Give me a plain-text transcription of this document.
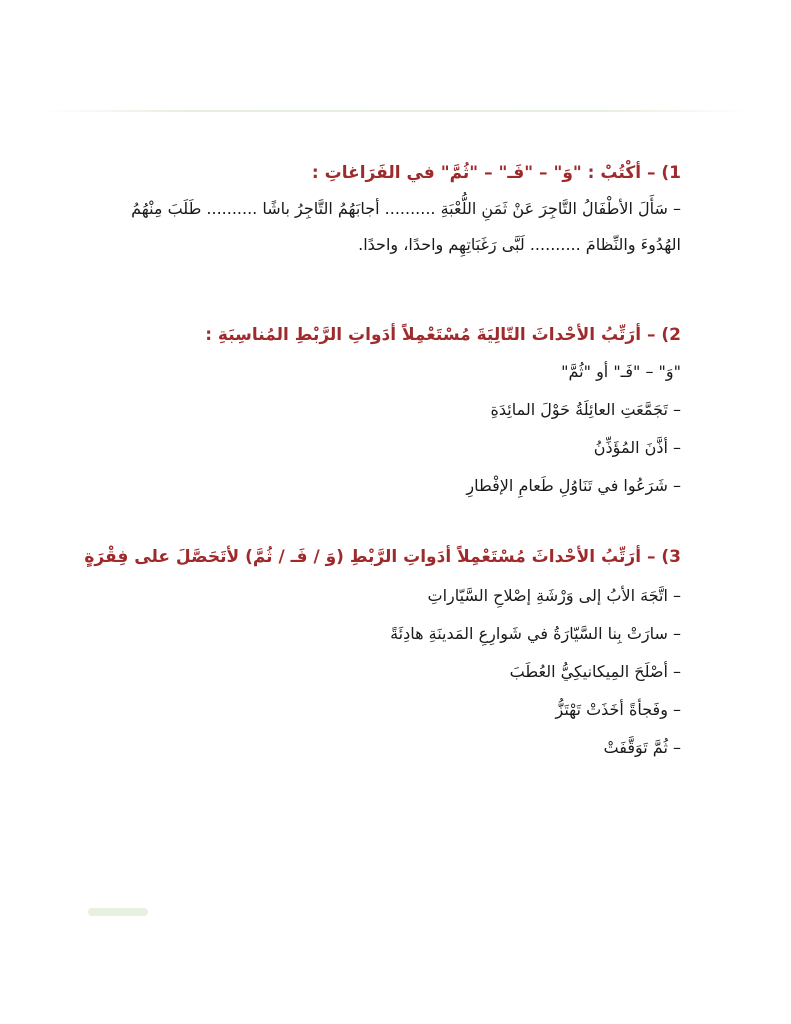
1) – أكْتُبْ : "وَ" – "فَـ" – "ثُمَّ" في الفَرَاغاتِ :
– سَأَلَ الأطْفَالُ التَّاجِرَ عَنْ ثَمَنِ اللُّعْبَةِ .......... أجابَهُمُ التَّاجِرُ باشًا .......... طَلَبَ مِنْهُمُ
الهُدُوءَ والنِّظامَ .......... لَبَّى رَغَبَاتِهِم واحدًا، واحدًا.
2) – أرَتِّبُ الأحْداثَ التّالِيَةَ مُسْتَعْمِلاً أدَواتِ الرَّبْطِ المُناسِبَةِ :
"وَ" – "فَـ" أو "ثُمَّ"
– تَجَمَّعَتِ العائِلَةُ حَوْلَ المائِدَةِ
– أذَّنَ المُؤَذِّنُ
– شَرَعُوا في تَنَاوُلِ طَعامِ الإفْطارِ
3) – أرَتِّبُ الأحْداثَ مُسْتَعْمِلاً أدَواتِ الرَّبْطِ (وَ / فَـ / ثُمَّ) لأتَحَصَّلَ على فِقْرَةٍ
– اتَّجَهَ الأبُ إلى وَرْشَةِ إصْلاحِ السَّيّاراتِ
– سارَتْ بِنا السَّيّارَةُ في شَوارِعِ المَدينَةِ هادِئَةً
– أصْلَحَ المِيكانيكِيُّ العُطَبَ
– وفَجأةً أخَذَتْ تَهْتَزُّ
– ثُمَّ تَوَقَّفَتْ
